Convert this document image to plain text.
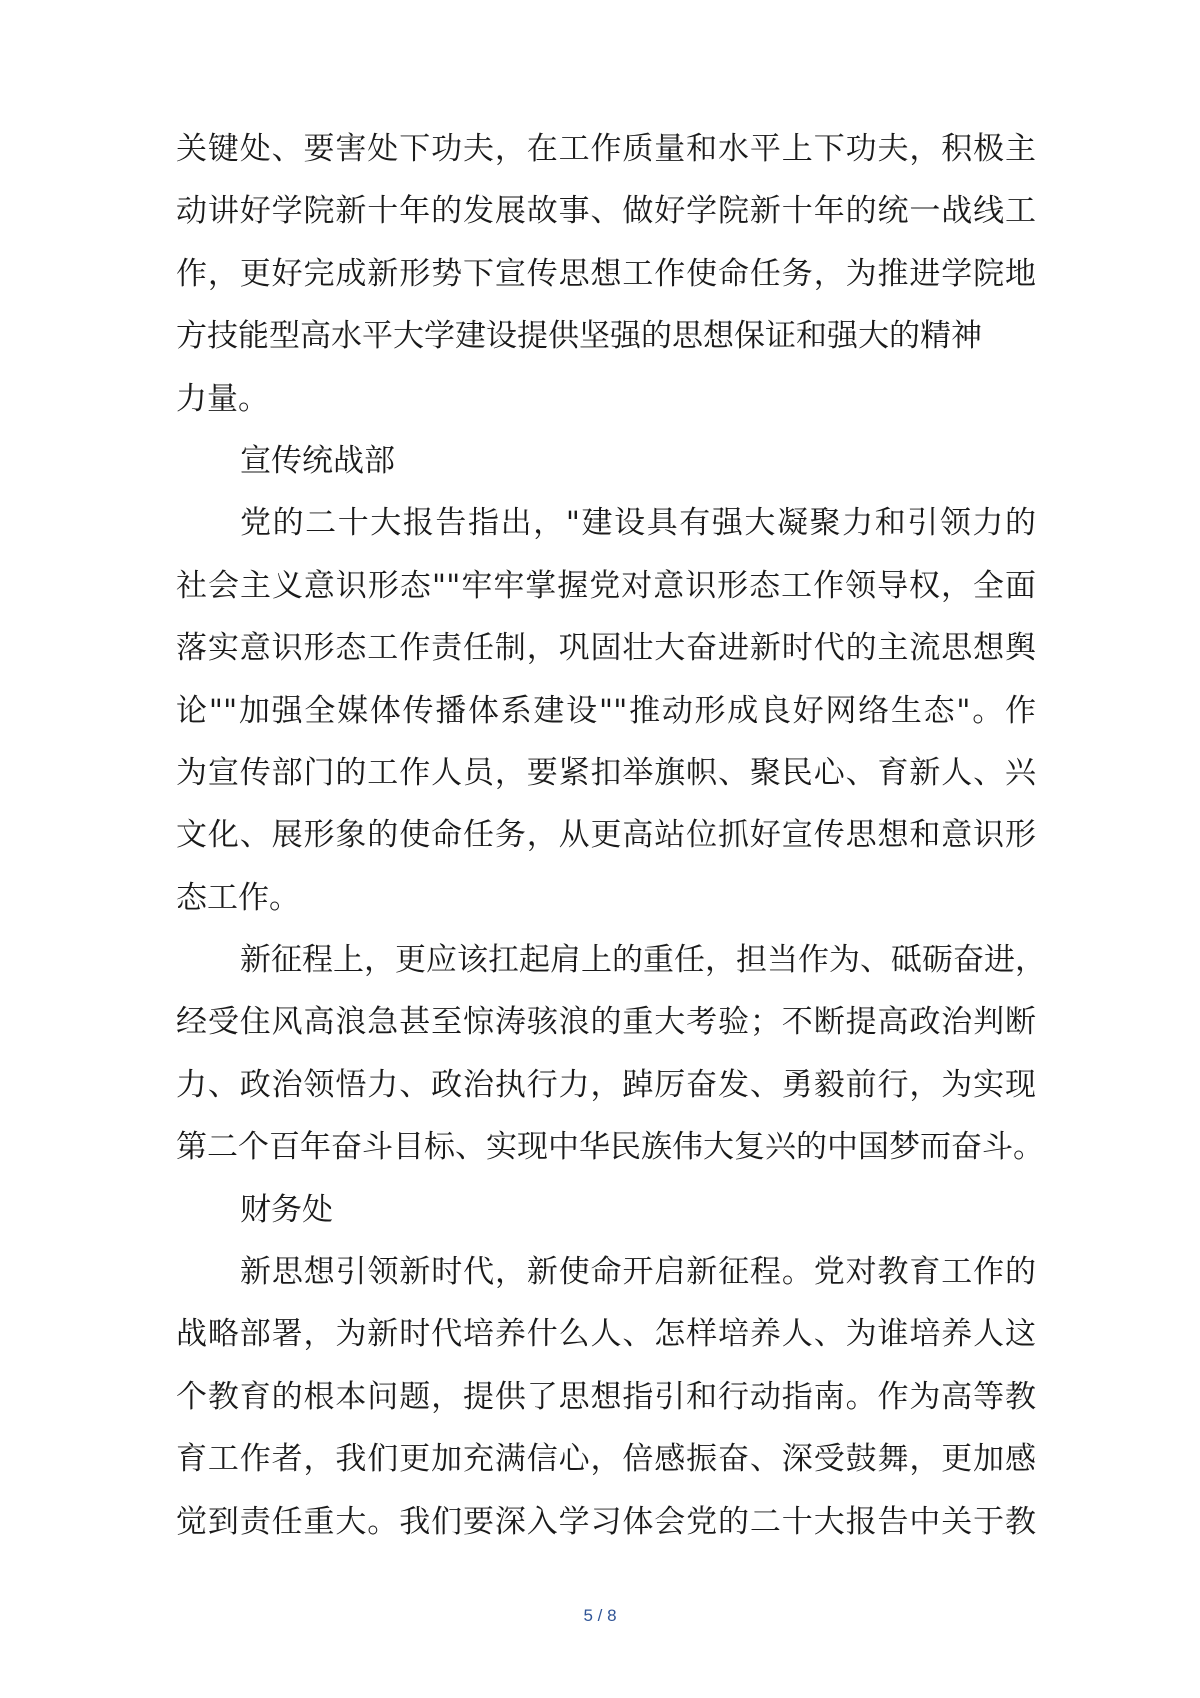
关键处、要害处下功夫，在工作质量和水平上下功夫，积极主
动讲好学院新十年的发展故事、做好学院新十年的统一战线工
作，更好完成新形势下宣传思想工作使命任务，为推进学院地
方技能型高水平大学建设提供坚强的思想保证和强大的精神
力量。
宣传统战部
党的二十大报告指出，"建设具有强大凝聚力和引领力的
社会主义意识形态""牢牢掌握党对意识形态工作领导权，全面
落实意识形态工作责任制，巩固壮大奋进新时代的主流思想舆
论""加强全媒体传播体系建设""推动形成良好网络生态"。作
为宣传部门的工作人员，要紧扣举旗帜、聚民心、育新人、兴
文化、展形象的使命任务，从更高站位抓好宣传思想和意识形
态工作。
新征程上，更应该扛起肩上的重任，担当作为、砥砺奋进，
经受住风高浪急甚至惊涛骇浪的重大考验；不断提高政治判断
力、政治领悟力、政治执行力，踔厉奋发、勇毅前行，为实现
第二个百年奋斗目标、实现中华民族伟大复兴的中国梦而奋斗。
财务处
新思想引领新时代，新使命开启新征程。党对教育工作的
战略部署，为新时代培养什么人、怎样培养人、为谁培养人这
个教育的根本问题，提供了思想指引和行动指南。作为高等教
育工作者，我们更加充满信心，倍感振奋、深受鼓舞，更加感
觉到责任重大。我们要深入学习体会党的二十大报告中关于教
5 / 8
